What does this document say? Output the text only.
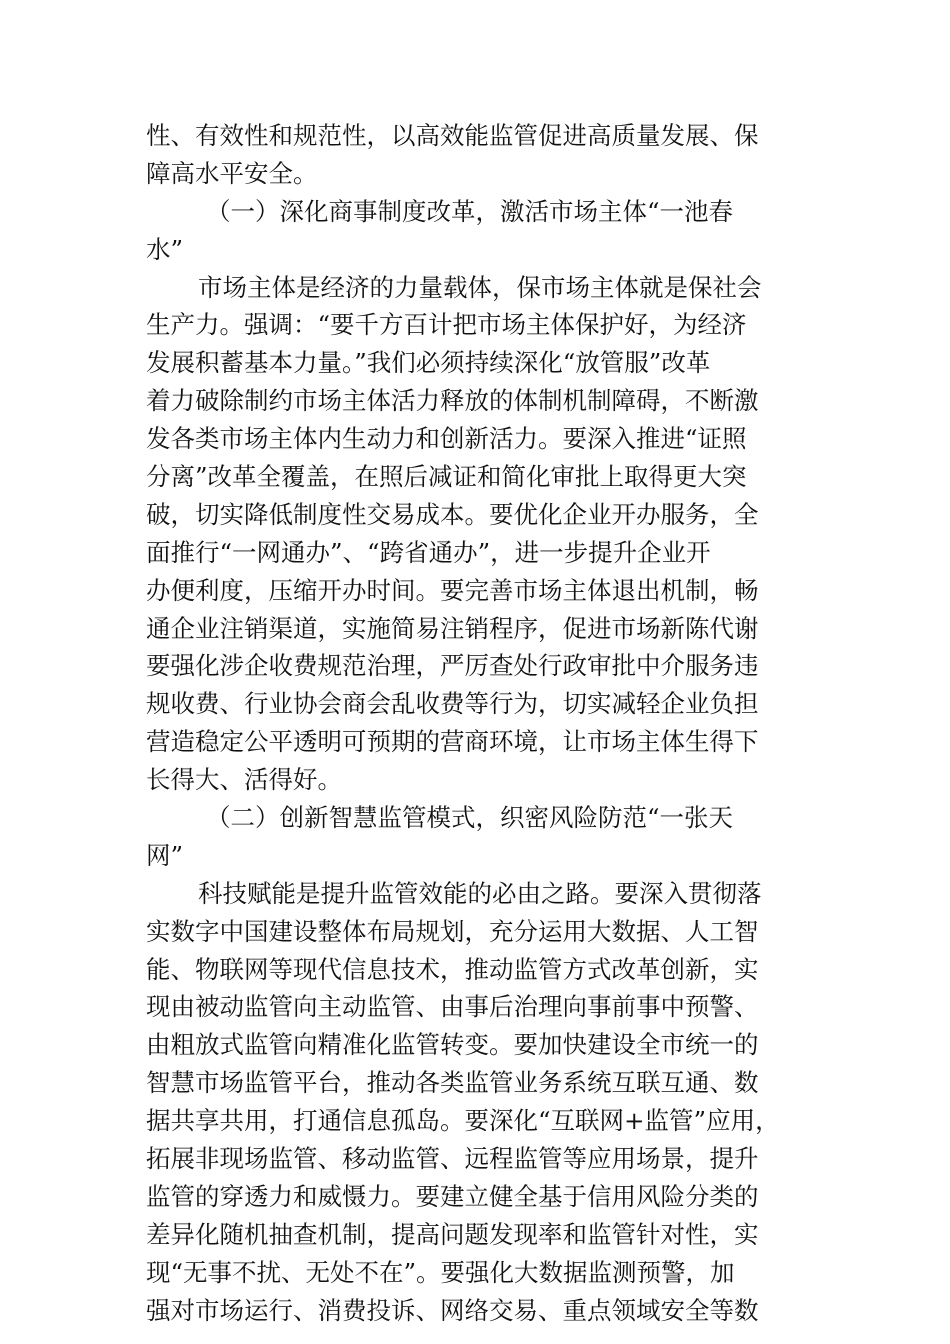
性、有效性和规范性，以高效能监管促进高质量发展、保
障高水平安全。
（一）深化商事制度改革，激活市场主体“一池春
水”
市场主体是经济的力量载体，保市场主体就是保社会
生产力。强调：“要千方百计把市场主体保护好，为经济
发展积蓄基本力量。”我们必须持续深化“放管服”改革
着力破除制约市场主体活力释放的体制机制障碍，不断激
发各类市场主体内生动力和创新活力。要深入推进“证照
分离”改革全覆盖，在照后减证和简化审批上取得更大突
破，切实降低制度性交易成本。要优化企业开办服务，全
面推行“一网通办”、“跨省通办”，进一步提升企业开
办便利度，压缩开办时间。要完善市场主体退出机制，畅
通企业注销渠道，实施简易注销程序，促进市场新陈代谢
要强化涉企收费规范治理，严厉查处行政审批中介服务违
规收费、行业协会商会乱收费等行为，切实减轻企业负担
营造稳定公平透明可预期的营商环境，让市场主体生得下
长得大、活得好。
（二）创新智慧监管模式，织密风险防范“一张天
网”
科技赋能是提升监管效能的必由之路。要深入贯彻落
实数字中国建设整体布局规划，充分运用大数据、人工智
能、物联网等现代信息技术，推动监管方式改革创新，实
现由被动监管向主动监管、由事后治理向事前事中预警、
由粗放式监管向精准化监管转变。要加快建设全市统一的
智慧市场监管平台，推动各类监管业务系统互联互通、数
据共享共用，打通信息孤岛。要深化“互联网+监管”应用，
拓展非现场监管、移动监管、远程监管等应用场景，提升
监管的穿透力和威慑力。要建立健全基于信用风险分类的
差异化随机抽查机制，提高问题发现率和监管针对性，实
现“无事不扰、无处不在”。要强化大数据监测预警，加
强对市场运行、消费投诉、网络交易、重点领域安全等数
